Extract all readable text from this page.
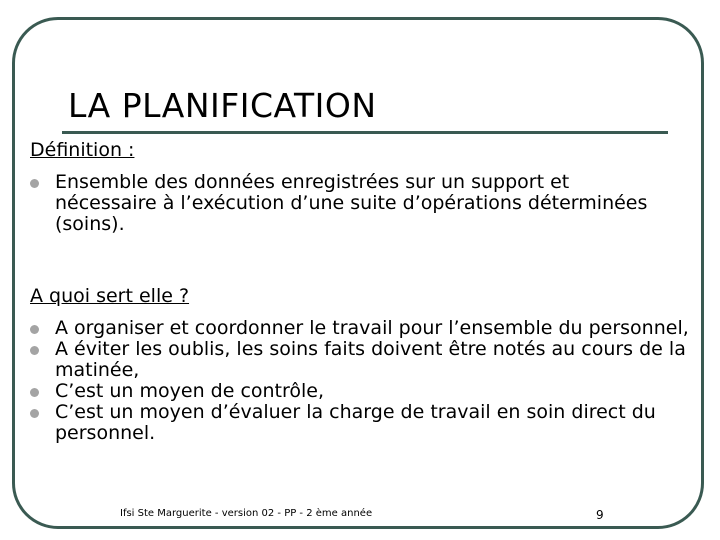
LA PLANIFICATION
Définition :
Ensemble des données enregistrées sur un support et nécessaire à l’exécution d’une suite d’opérations déterminées (soins).
A quoi sert elle ?
A organiser et coordonner le travail pour l’ensemble du personnel,
A éviter les oublis, les soins faits doivent être notés au cours de la matinée,
C’est un moyen de contrôle,
C’est un moyen d’évaluer la charge de travail en soin direct du personnel.
Ifsi Ste Marguerite - version 02 - PP - 2 ème année	9
